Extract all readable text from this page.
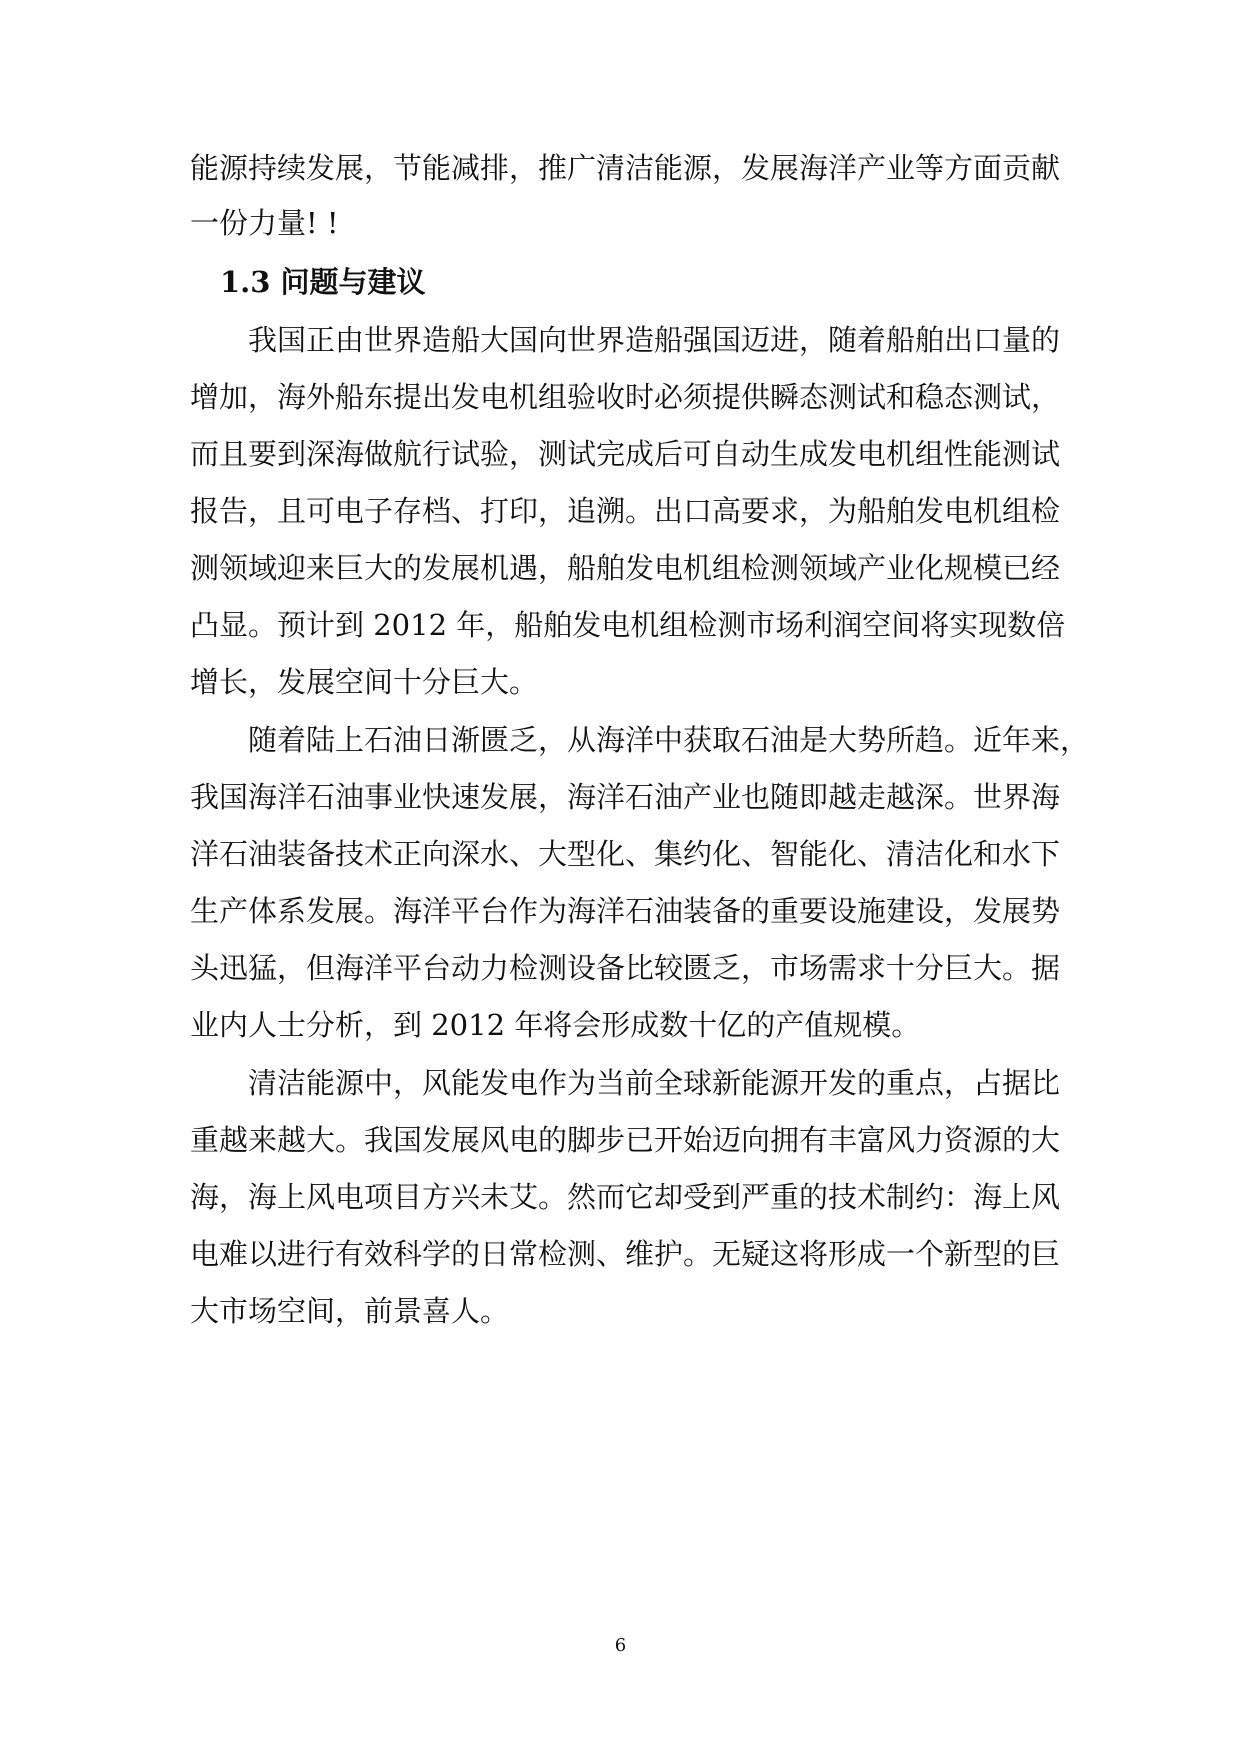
能源持续发展，节能减排，推广清洁能源，发展海洋产业等方面贡献
一份力量! !
1.3 问题与建议
我国正由世界造船大国向世界造船强国迈进，随着船舶出口量的
增加，海外船东提出发电机组验收时必须提供瞬态测试和稳态测试，
而且要到深海做航行试验，测试完成后可自动生成发电机组性能测试
报告，且可电子存档、打印，追溯。出口高要求，为船舶发电机组检
测领域迎来巨大的发展机遇，船舶发电机组检测领域产业化规模已经
凸显。预计到 2012 年，船舶发电机组检测市场利润空间将实现数倍
增长，发展空间十分巨大。
随着陆上石油日渐匮乏，从海洋中获取石油是大势所趋。近年来，
我国海洋石油事业快速发展，海洋石油产业也随即越走越深。世界海
洋石油装备技术正向深水、大型化、集约化、智能化、清洁化和水下
生产体系发展。海洋平台作为海洋石油装备的重要设施建设，发展势
头迅猛，但海洋平台动力检测设备比较匮乏，市场需求十分巨大。据
业内人士分析，到 2012 年将会形成数十亿的产值规模。
清洁能源中，风能发电作为当前全球新能源开发的重点，占据比
重越来越大。我国发展风电的脚步已开始迈向拥有丰富风力资源的大
海，海上风电项目方兴未艾。然而它却受到严重的技术制约：海上风
电难以进行有效科学的日常检测、维护。无疑这将形成一个新型的巨
大市场空间，前景喜人。
6
